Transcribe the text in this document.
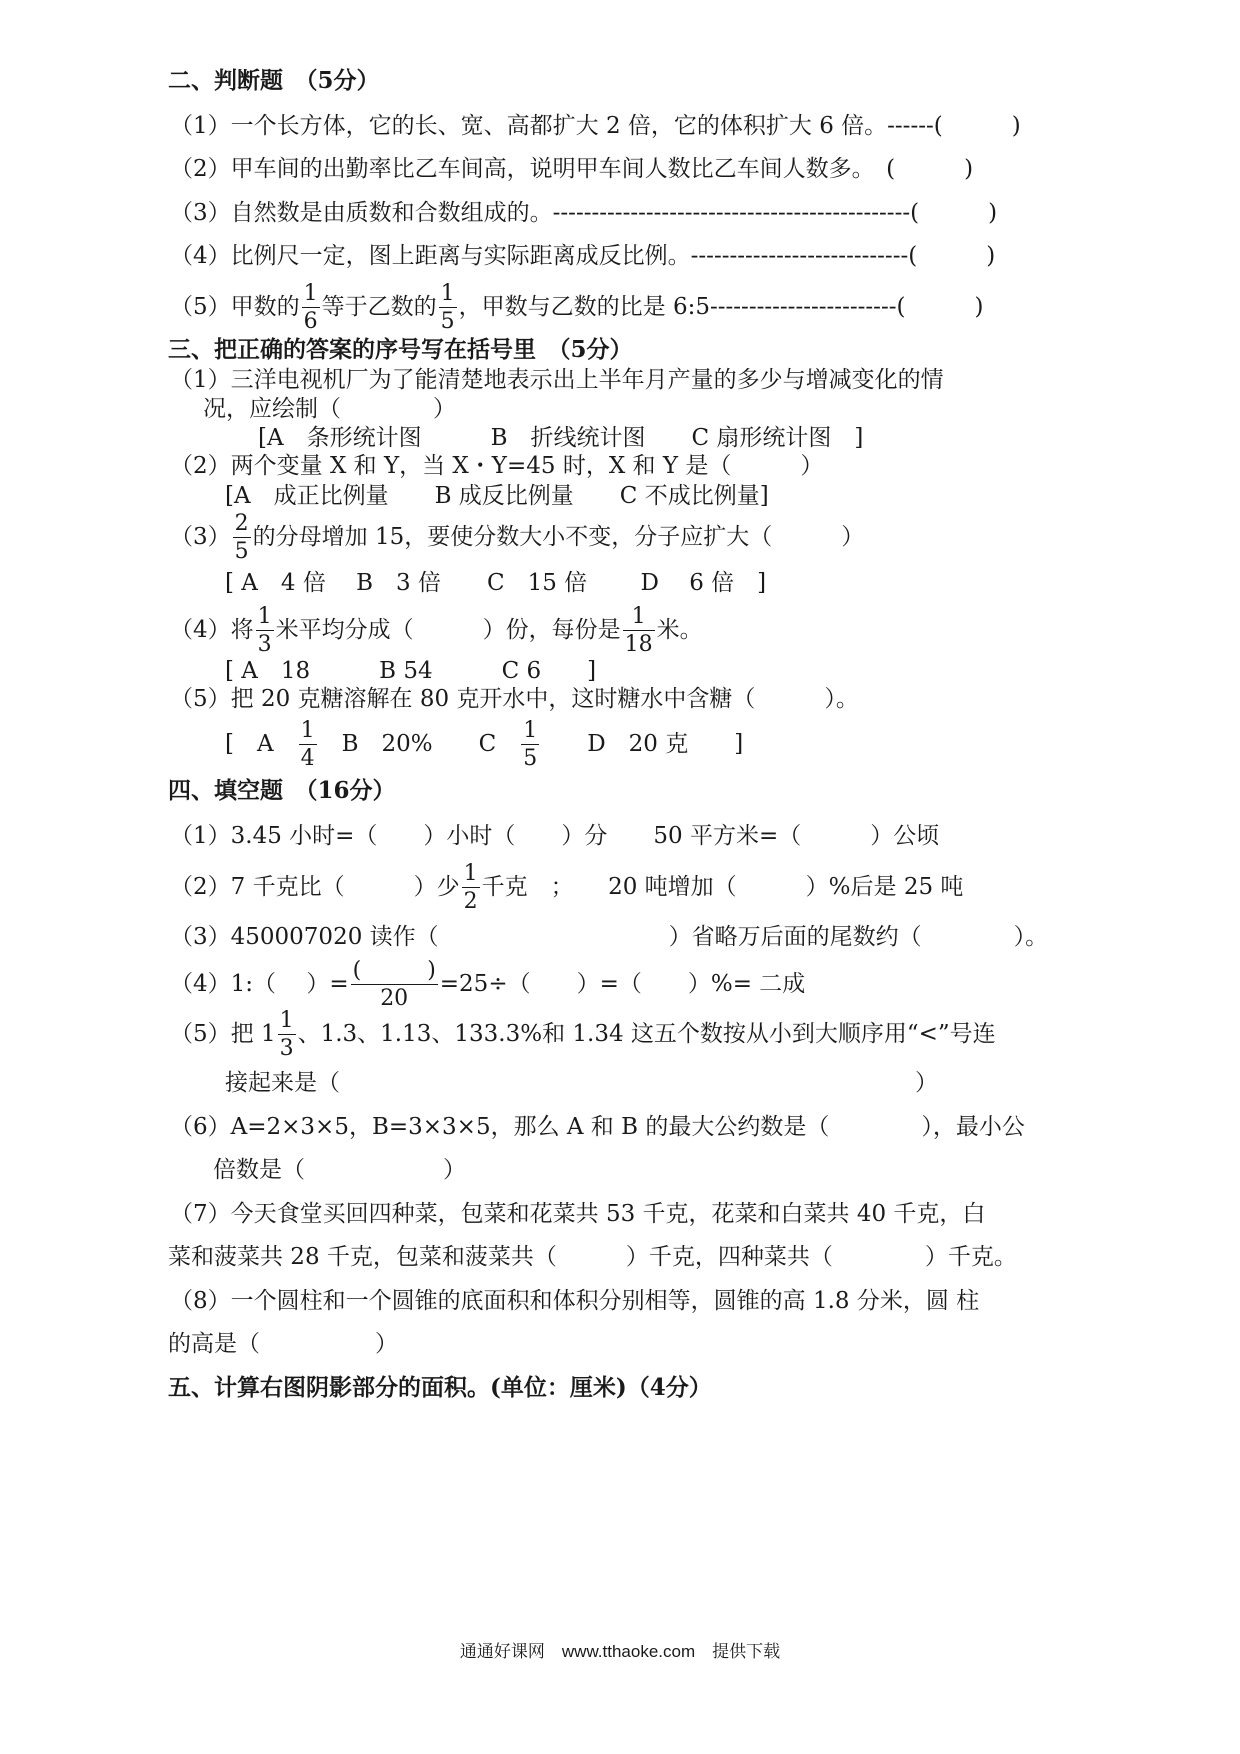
二、判断题　（5分）
（1）一个长方体，它的长、宽、高都扩大 2 倍，它的体积扩大 6 倍。------(　　　)
（2）甲车间的出勤率比乙车间高，说明甲车间人数比乙车间人数多。　(　　　)
（3）自然数是由质数和合数组成的。----------------------------------------------(　　　)
（4）比例尺一定，图上距离与实际距离成反比例。----------------------------(　　　)
（5）甲数的 $\frac{1}{6}$ 等于乙数的 $\frac{1}{5}$ ，甲数与乙数的比是 6:5------------------------(　　　)
三、把正确的答案的序号写在括号里　（5分）
（1）三洋电视机厂为了能清楚地表示出上半年月产量的多少与增减变化的情
况，应绘制（　　　　）
[A　条形统计图　　　B　折线统计图　　C 扇形统计图　]
（2）两个变量 X 和 Y，当 X・Y=45 时，X 和 Y 是（　　　）
[A　成正比例量　　B 成反比例量　　C 不成比例量]
$(3) \frac{2}{5}$ 的分母增加 15，要使分数大小不变，分子应扩大（　　　）
[ A　4 倍　 B　3 倍　　C　15 倍　　 D　 6 倍　]
（4）将 $\frac{1}{3}$ 米平均分成（　　　）份，每份是 $\frac{1}{18}$ 米。
[ A　18　　　B 54　　　C 6　　]
（5）把 20 克糖溶解在 80 克开水中，这时糖水中含糖（　　　）。
[　A　 $\frac{1}{4}$ 　B　20%　　C　 $\frac{1}{5}$ 　　D　20 克　　]
四、填空题　（16分）
（1）3.45 小时=（　　）小时（　　）分　　50 平方米=（　　　）公顷
（2）7 千克比（　　　）少 $\frac{1}{2}$ 千克　；　　20 吨增加（　　　）%后是 25 吨
（3）450007020 读作（　　　　　　　　　　）省略万后面的尾数约（　　　　）。
（4）1:（　 ）=
(　　　)
20
=25÷（　　）=（　　）%= 二成
（5）把 $1 \frac{1}{3}$ 、1.3、1.13、133.3%和 1.34 这五个数按从小到大顺序用“<”号连
接起来是（　　　　　　　　　　　　　　　　　　　　　　　　　）
（6）A=2×3×5，B=3×3×5，那么 A 和 B 的最大公约数是（　　　　），最小公
倍数是（　　　　　　）
（7）今天食堂买回四种菜，包菜和花菜共 53 千克，花菜和白菜共 40 千克，白
菜和菠菜共 28 千克，包菜和菠菜共（　　　）千克，四种菜共（　　　　）千克。
（8）一个圆柱和一个圆锥的底面积和体积分别相等，圆锥的高 1.8 分米，圆 柱
的高是（　　　　　）
五、计算右图阴影部分的面积。(单位：厘米)（4分）
通通好课网　www.tthaoke.com　提供下载
